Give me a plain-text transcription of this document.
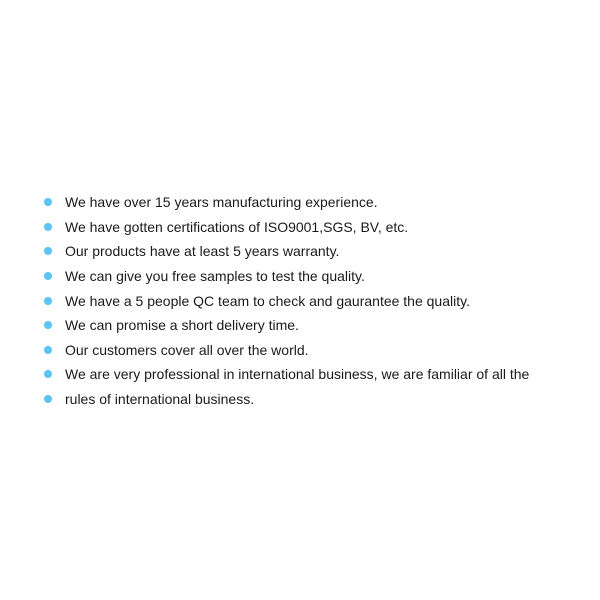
We have over 15 years manufacturing experience.
We have gotten certifications of ISO9001,SGS, BV, etc.
Our products have at least 5 years warranty.
We can give you free samples to test the quality.
We have a 5 people QC team to check and gaurantee the quality.
We can promise a short delivery time.
Our customers cover all over the world.
We are very professional in international business, we are familiar of all the
rules of international business.
